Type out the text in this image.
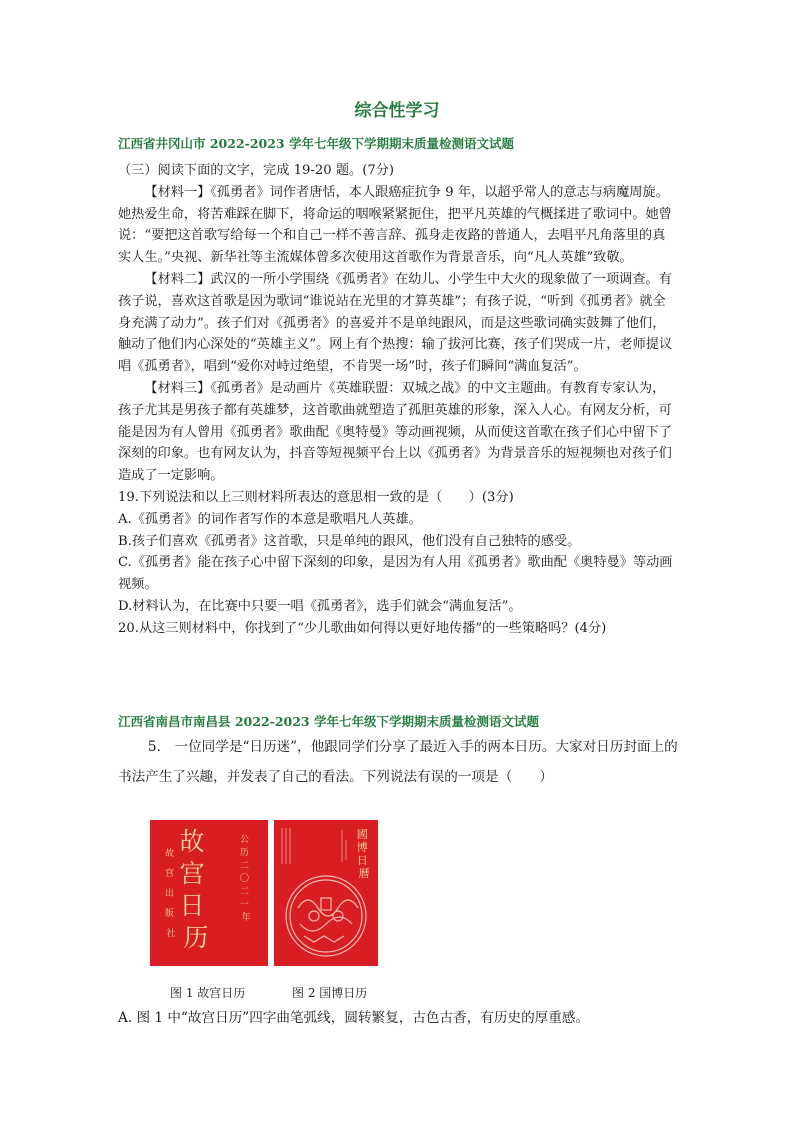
综合性学习
江西省井冈山市 2022-2023 学年七年级下学期期末质量检测语文试题

（三）阅读下面的文字，完成 19-20 题。(7分)

【材料一】《孤勇者》词作者唐恬，本人跟癌症抗争 9 年，以超乎常人的意志与病魔周旋。她热爱生命，将苦难踩在脚下，将命运的咽喉紧紧扼住，把平凡英雄的气概揉进了歌词中。她曾说：“要把这首歌写给每一个和自己一样不善言辞、孤身走夜路的普通人，去唱平凡角落里的真实人生。”央视、新华社等主流媒体曾多次使用这首歌作为背景音乐，向“凡人英雄”致敬。

【材料二】武汉的一所小学围绕《孤勇者》在幼儿、小学生中大火的现象做了一项调查。有孩子说，喜欢这首歌是因为歌词“谁说站在光里的才算英雄”；有孩子说，“听到《孤勇者》就全身充满了动力”。孩子们对《孤勇者》的喜爱并不是单纯跟风，而是这些歌词确实鼓舞了他们，触动了他们内心深处的“英雄主义”。网上有个热搜：输了拔河比赛，孩子们哭成一片，老师提议唱《孤勇者》，唱到“爱你对峙过绝望，不肯哭一场”时，孩子们瞬间“满血复活”。

【材料三】《孤勇者》是动画片《英雄联盟：双城之战》的中文主题曲。有教育专家认为，孩子尤其是男孩子都有英雄梦，这首歌曲就塑造了孤胆英雄的形象，深入人心。有网友分析，可能是因为有人曾用《孤勇者》歌曲配《奥特曼》等动画视频，从而使这首歌在孩子们心中留下了深刻的印象。也有网友认为，抖音等短视频平台上以《孤勇者》为背景音乐的短视频也对孩子们造成了一定影响。

19.下列说法和以上三则材料所表达的意思相一致的是（　　）(3分)

A.《孤勇者》的词作者写作的本意是歌唱凡人英雄。

B.孩子们喜欢《孤勇者》这首歌，只是单纯的跟风，他们没有自己独特的感受。

C.《孤勇者》能在孩子心中留下深刻的印象，是因为有人用《孤勇者》歌曲配《奥特曼》等动画视频。

D.材料认为，在比赛中只要一唱《孤勇者》，选手们就会“满血复活”。

20.从这三则材料中，你找到了“少儿歌曲如何得以更好地传播”的一些策略吗？(4分)

江西省南昌市南昌县 2022-2023 学年七年级下学期期末质量检测语文试题

5.　一位同学是“日历迷”，他跟同学们分享了最近入手的两本日历。大家对日历封面上的书法产生了兴趣，并发表了自己的看法。下列说法有误的一项是（　　）

故 宫 日 历
故 宫 出 版 社
公 历 二 〇 二 一 年
國 博 日 曆
图 1 故宫日历	图 2 国博日历
A. 图 1 中“故宫日历”四字曲笔弧线，圆转繁复，古色古香，有历史的厚重感。
